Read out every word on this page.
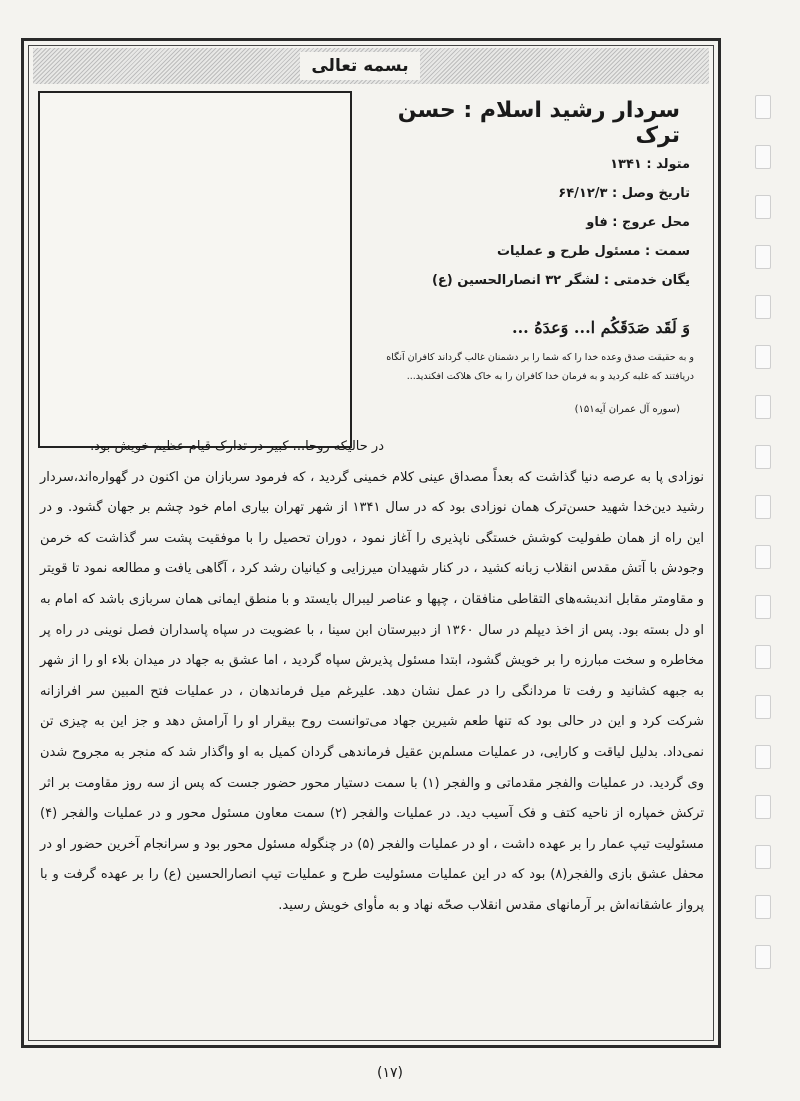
بسمه تعالی
سردار رشید اسلام : حسن ترک
متولد : ۱۳۴۱
تاریخ وصل : ۶۴/۱۲/۳
محل عروج : فاو
سمت : مسئول طرح و عملیات
یگان خدمتی : لشگر ۳۲ انصارالحسین (ع)
وَ لَقَد صَدَقَکُم ا... وَعدَهُ ...
و به حقیقت صدق وعده خدا را که شما را بر دشمنان غالب گرداند کافران آنگاه
دریافتند که غلبه کردید و به فرمان خدا کافران را به خاک هلاکت افکندید...
(سوره آل عمران آیه۱۵۱)
در حالیکه روحا... کبیر در تدارک قیام عظیم خویش بود.
نوزادی پا به عرصه دنیا گذاشت که بعداً مصداق عینی کلام خمینی گردید ، که فرمود سربازان من اکنون در گهواره‌اند،سردار رشید دین‌خدا شهید حسن‌ترک همان نوزادی بود که در سال ۱۳۴۱ از شهر تهران بیاری امام خود چشم بر جهان گشود. و در این راه از همان طفولیت کوشش خستگی ناپذیری را آغاز نمود ، دوران تحصیل را با موفقیت پشت سر گذاشت که خرمن وجودش با آتش مقدس انقلاب زبانه کشید ، در کنار شهیدان میرزایی و کیانیان رشد کرد ، آگاهی یافت و مطالعه نمود تا قویتر و مقاومتر مقابل اندیشه‌های التقاطی منافقان ، چپها و عناصر لیبرال بایستد و با منطق ایمانی همان سربازی باشد که امام به او دل بسته بود. پس از اخذ دیپلم در سال ۱۳۶۰ از دبیرستان ابن سینا ، با عضویت در سپاه پاسداران فصل نوینی در راه پر مخاطره و سخت مبارزه را بر خویش گشود، ابتدا مسئول پذیرش سپاه گردید ، اما عشق به جهاد در میدان بلاء او را از شهر به جبهه کشانید و رفت تا مردانگی را در عمل نشان دهد. علیرغم میل فرماندهان ، در عملیات فتح المبین سر افرازانه شرکت کرد و این در حالی بود که تنها طعم شیرین جهاد می‌توانست روح بیقرار او را آرامش دهد و جز این به چیزی تن نمی‌داد. بدلیل لیاقت و کارایی، در عملیات مسلم‌بن عقیل فرماندهی گردان کمیل به او واگذار شد که منجر به مجروح شدن وی گردید. در عملیات والفجر مقدماتی و والفجر (۱) با سمت دستیار محور حضور جست که پس از سه روز مقاومت بر اثر ترکش خمپاره از ناحیه کتف و فک آسیب دید. در عملیات والفجر (۲) سمت معاون مسئول محور و در عملیات والفجر (۴) مسئولیت تیپ عمار را بر عهده داشت ، او در عملیات والفجر (۵) در چنگوله مسئول محور بود و سرانجام آخرین حضور او در محفل عشق بازی والفجر(۸) بود که در این عملیات مسئولیت طرح و عملیات تیپ انصارالحسین (ع) را بر عهده گرفت و با پرواز عاشقانه‌اش بر آرمانهای مقدس انقلاب صحّه نهاد و به مأوای خویش رسید.
(۱۷)
